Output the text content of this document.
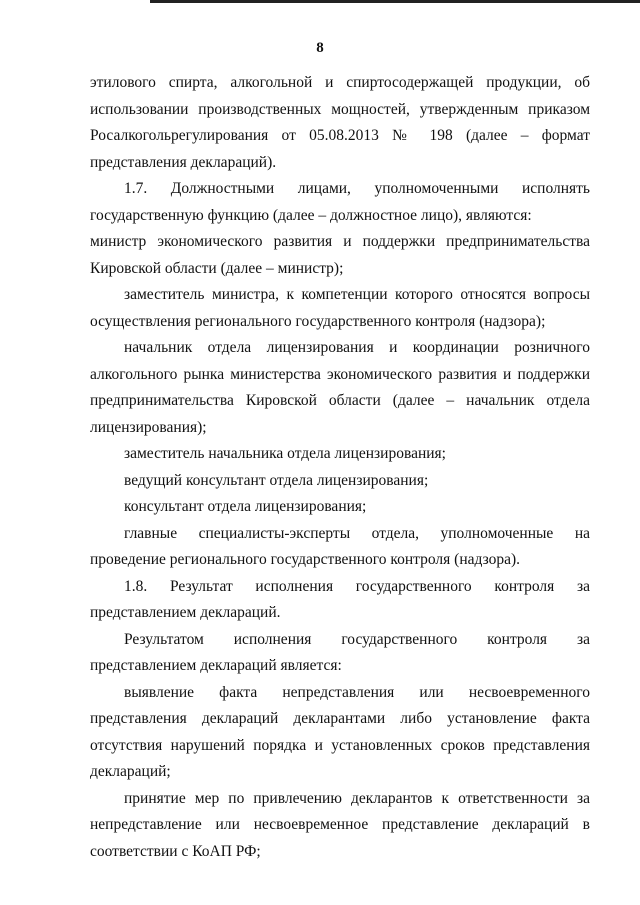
8

этилового спирта, алкогольной и спиртосодержащей продукции, об использовании производственных мощностей, утвержденным приказом Росалкогольрегулирования от 05.08.2013 № 198 (далее – формат представления деклараций).

1.7. Должностными лицами, уполномоченными исполнять государственную функцию (далее – должностное лицо), являются:

министр экономического развития и поддержки предпринимательства Кировской области (далее – министр);

заместитель министра, к компетенции которого относятся вопросы осуществления регионального государственного контроля (надзора);

начальник отдела лицензирования и координации розничного алкогольного рынка министерства экономического развития и поддержки предпринимательства Кировской области (далее – начальник отдела лицензирования);

заместитель начальника отдела лицензирования;

ведущий консультант отдела лицензирования;

консультант отдела лицензирования;

главные специалисты-эксперты отдела, уполномоченные на проведение регионального государственного контроля (надзора).

1.8. Результат исполнения государственного контроля за представлением деклараций.

Результатом исполнения государственного контроля за представлением деклараций является:

выявление факта непредставления или несвоевременного представления деклараций декларантами либо установление факта отсутствия нарушений порядка и установленных сроков представления деклараций;

принятие мер по привлечению декларантов к ответственности за непредставление или несвоевременное представление деклараций в соответствии с КоАП РФ;
